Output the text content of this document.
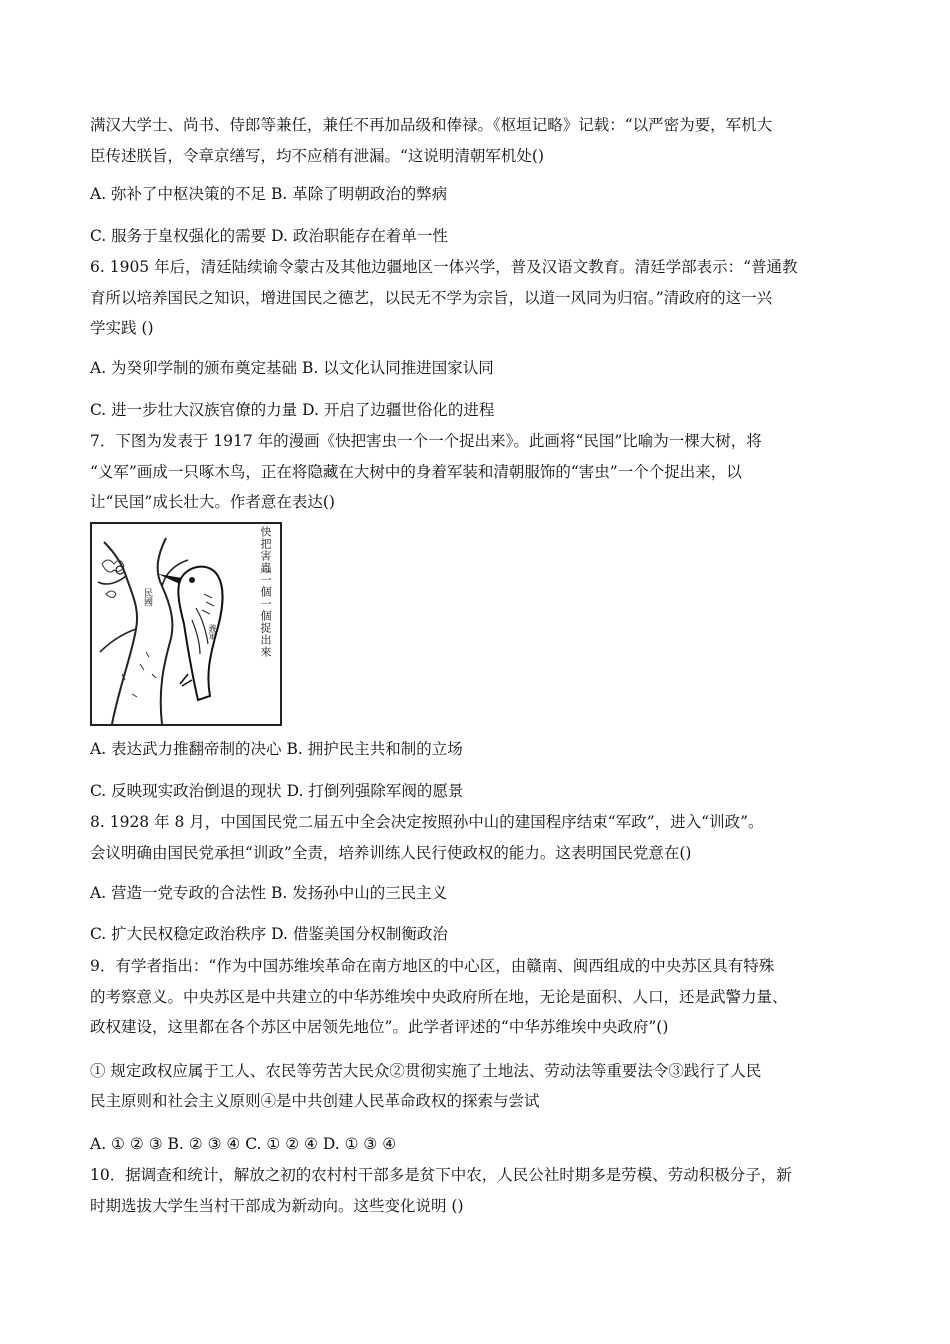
满汉大学士、尚书、侍郎等兼任，兼任不再加品级和俸禄。《枢垣记略》记载：“以严密为要，军机大
臣传述朕旨，令章京缮写，均不应稍有泄漏。“这说明清朝军机处()
A. 弥补了中枢决策的不足 B. 革除了明朝政治的弊病
C. 服务于皇权强化的需要 D. 政治职能存在着单一性
6. 1905 年后，清廷陆续谕令蒙古及其他边疆地区一体兴学，普及汉语文教育。清廷学部表示：“普通教
育所以培养国民之知识，增进国民之德艺，以民无不学为宗旨，以道一风同为归宿。”清政府的这一兴
学实践 ()
A. 为癸卯学制的颁布奠定基础 B. 以文化认同推进国家认同
C. 进一步壮大汉族官僚的力量 D. 开启了边疆世俗化的进程
7．下图为发表于 1917 年的漫画《快把害虫一个一个捉出来》。此画将“民国”比喻为一棵大树，将
“义军”画成一只啄木鸟，正在将隐藏在大树中的身着军装和清朝服饰的“害虫”一个个捉出来，以
让“民国”成长壮大。作者意在表达()
快把害蟲一個一個捉出來
民國
義軍
A. 表达武力推翻帝制的决心 B. 拥护民主共和制的立场
C. 反映现实政治倒退的现状 D. 打倒列强除军阀的愿景
8. 1928 年 8 月，中国国民党二届五中全会决定按照孙中山的建国程序结束“军政”，进入“训政”。
会议明确由国民党承担“训政”全责，培养训练人民行使政权的能力。这表明国民党意在()
A. 营造一党专政的合法性 B. 发扬孙中山的三民主义
C. 扩大民权稳定政治秩序 D. 借鉴美国分权制衡政治
9．有学者指出：“作为中国苏维埃革命在南方地区的中心区，由赣南、闽西组成的中央苏区具有特殊
的考察意义。中央苏区是中共建立的中华苏维埃中央政府所在地，无论是面积、人口，还是武警力量、
政权建设，这里都在各个苏区中居领先地位”。此学者评述的“中华苏维埃中央政府”()
① 规定政权应属于工人、农民等劳苦大民众②贯彻实施了土地法、劳动法等重要法令③践行了人民
民主原则和社会主义原则④是中共创建人民革命政权的探索与尝试
A. ① ② ③ B. ② ③ ④ C. ① ② ④ D. ① ③ ④
10．据调查和统计，解放之初的农村村干部多是贫下中农，人民公社时期多是劳模、劳动积极分子，新
时期选拔大学生当村干部成为新动向。这些变化说明 ()
